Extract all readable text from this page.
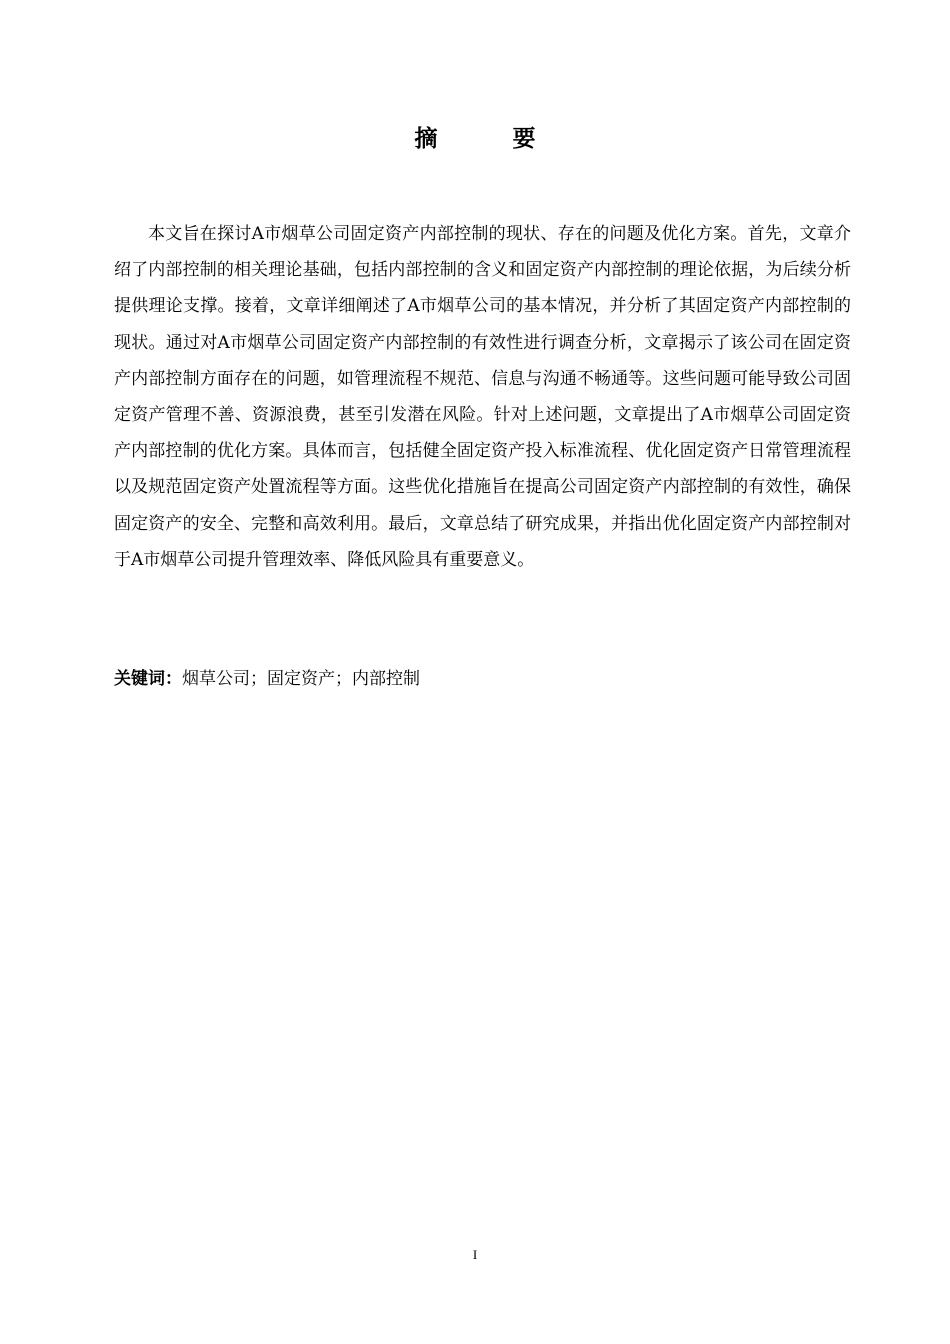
摘　要

本文旨在探讨A市烟草公司固定资产内部控制的现状、存在的问题及优化方案。首先，文章介绍了内部控制的相关理论基础，包括内部控制的含义和固定资产内部控制的理论依据，为后续分析提供理论支撑。接着，文章详细阐述了A市烟草公司的基本情况，并分析了其固定资产内部控制的现状。通过对A市烟草公司固定资产内部控制的有效性进行调查分析，文章揭示了该公司在固定资产内部控制方面存在的问题，如管理流程不规范、信息与沟通不畅通等。这些问题可能导致公司固定资产管理不善、资源浪费，甚至引发潜在风险。针对上述问题，文章提出了A市烟草公司固定资产内部控制的优化方案。具体而言，包括健全固定资产投入标准流程、优化固定资产日常管理流程以及规范固定资产处置流程等方面。这些优化措施旨在提高公司固定资产内部控制的有效性，确保固定资产的安全、完整和高效利用。最后，文章总结了研究成果，并指出优化固定资产内部控制对于A市烟草公司提升管理效率、降低风险具有重要意义。

关键词：烟草公司；固定资产；内部控制
I
